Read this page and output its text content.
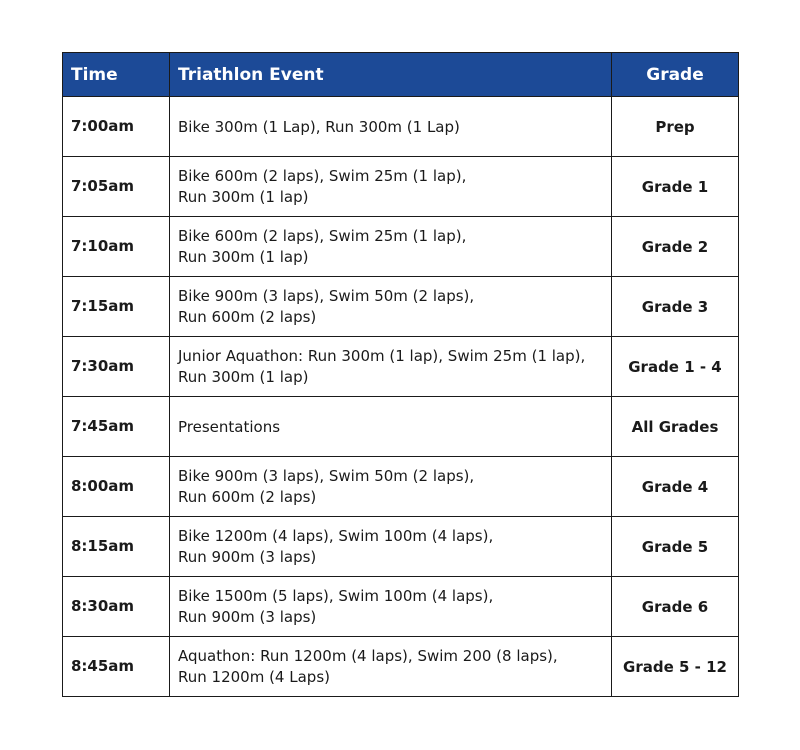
Time	Triathlon Event	Grade
7:00am	Bike 300m (1 Lap), Run 300m (1 Lap)	Prep
7:05am	Bike 600m (2 laps), Swim 25m (1 lap),
Run 300m (1 lap)	Grade 1
7:10am	Bike 600m (2 laps), Swim 25m (1 lap),
Run 300m (1 lap)	Grade 2
7:15am	Bike 900m (3 laps), Swim 50m (2 laps),
Run 600m (2 laps)	Grade 3
7:30am	Junior Aquathon: Run 300m (1 lap), Swim 25m (1 lap),
Run 300m (1 lap)	Grade 1 - 4
7:45am	Presentations	All Grades
8:00am	Bike 900m (3 laps), Swim 50m (2 laps),
Run 600m (2 laps)	Grade 4
8:15am	Bike 1200m (4 laps), Swim 100m (4 laps),
Run 900m (3 laps)	Grade 5
8:30am	Bike 1500m (5 laps), Swim 100m (4 laps),
Run 900m (3 laps)	Grade 6
8:45am	Aquathon: Run 1200m (4 laps), Swim 200 (8 laps),
Run 1200m (4 Laps)	Grade 5 - 12
